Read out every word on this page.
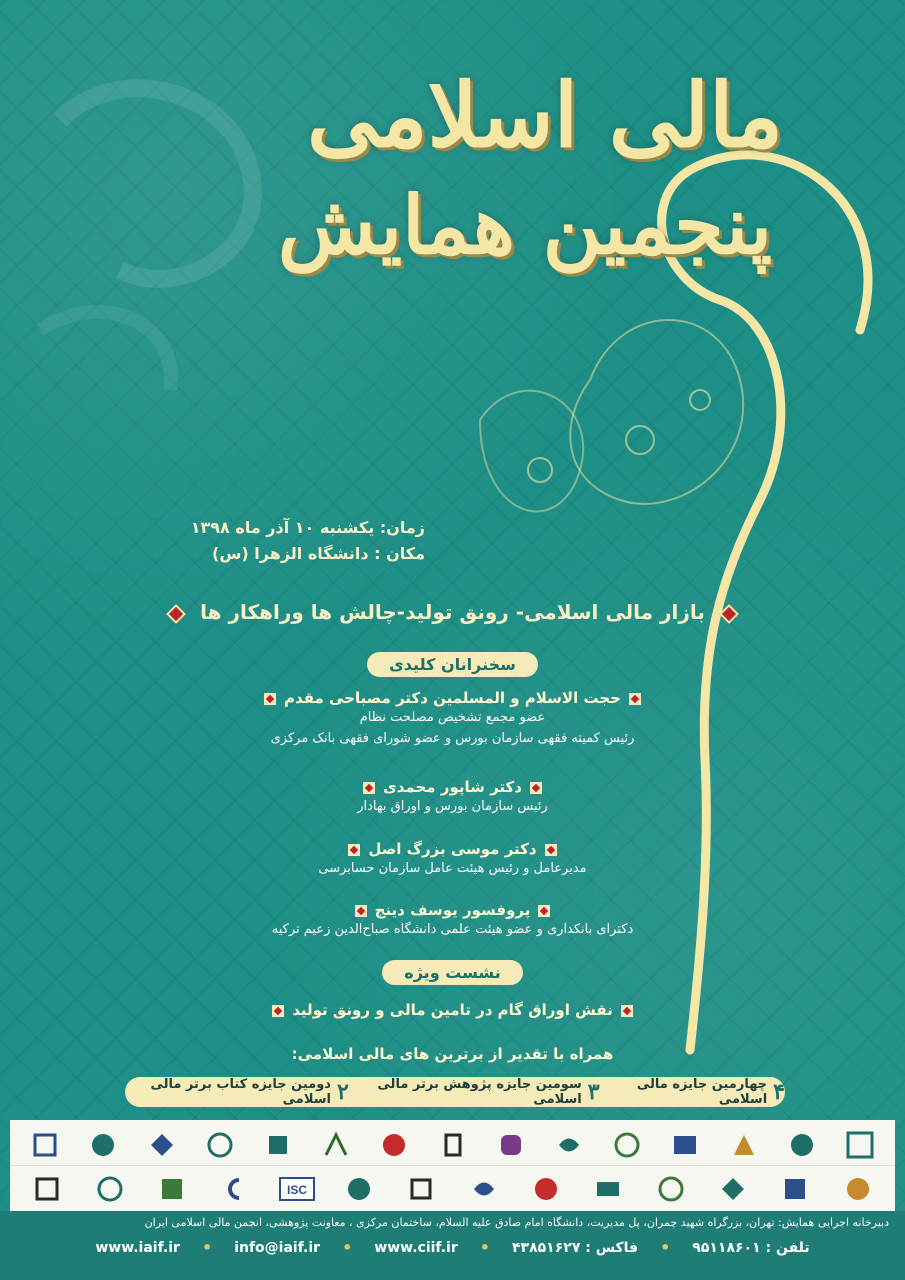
مالی اسلامی
پنجمین همایش
زمان: یکشنبه ۱۰ آذر ماه ۱۳۹۸
مکان : دانشگاه الزهرا (س)
بازار مالی اسلامی- رونق تولید-چالش ها وراهکار ها
سخنرانان کلیدی
حجت الاسلام و المسلمین دکتر مصباحی مقدم
عضو مجمع تشخیص مصلحت نظام
رئیس کمیته فقهی سازمان بورس و عضو شورای فقهی بانک مرکزی
دکتر شاپور محمدی
رئیس سازمان بورس و اوراق بهادار
دکتر موسی بزرگ اصل
مدیرعامل و رئیس هیئت عامل سازمان حسابرسی
پروفسور یوسف دینج
دکترای بانکداری و عضو هیئت علمی دانشگاه صباح‌الدین زعیم ترکیه
نشست ویژه
نقش اوراق گام در تامین مالی و رونق تولید
همراه با تقدیر از برترین های مالی اسلامی:
۴
چهارمین جایزه مالی اسلامی
۳
سومین جایزه پژوهش برتر مالی اسلامی
۲
دومین جایزه کتاب برتر مالی اسلامی
ISC
دبیرخانه اجرایی همایش: تهران، بزرگراه شهید چمران، پل مدیریت، دانشگاه امام صادق علیه السلام، ساختمان مرکزی ، معاونت پژوهشی، انجمن مالی اسلامی ایران
www.iaif.ir • info@iaif.ir • www.ciif.ir • فاکس : ۴۳۸۵۱۶۲۷ • تلفن : ۹۵۱۱۸۶۰۱
